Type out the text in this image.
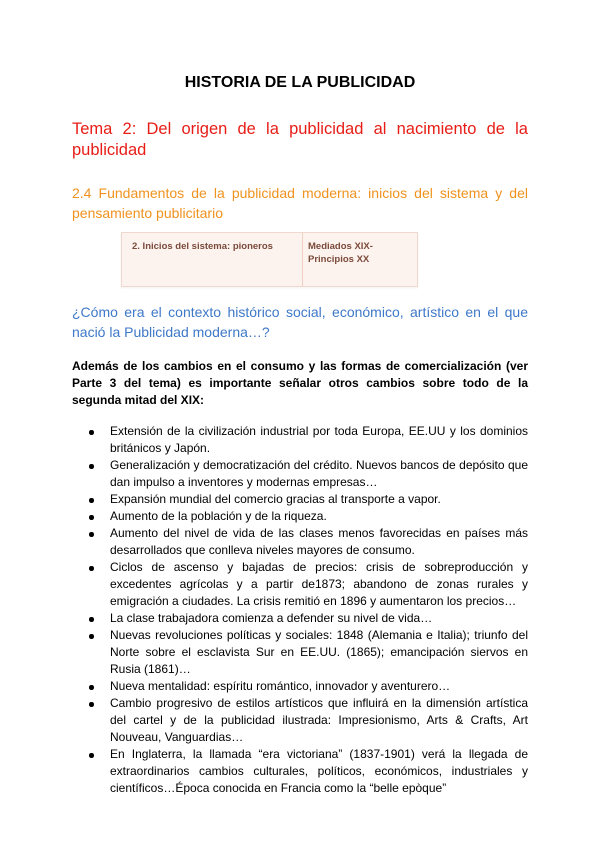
HISTORIA DE LA PUBLICIDAD
Tema 2: Del origen de la publicidad al nacimiento de la publicidad
2.4 Fundamentos de la publicidad moderna: inicios del sistema y del pensamiento publicitario
2. Inicios del sistema: pioneros	Mediados XIX-Principios XX
¿Cómo era el contexto histórico social, económico, artístico en el que nació la Publicidad moderna…?
Además de los cambios en el consumo y las formas de comercialización (ver Parte 3 del tema) es importante señalar otros cambios sobre todo de la segunda mitad del XIX:
Extensión de la civilización industrial por toda Europa, EE.UU y los dominios británicos y Japón.
Generalización y democratización del crédito. Nuevos bancos de depósito que dan impulso a inventores y modernas empresas…
Expansión mundial del comercio gracias al transporte a vapor.
Aumento de la población y de la riqueza.
Aumento del nivel de vida de las clases menos favorecidas en países más desarrollados que conlleva niveles mayores de consumo.
Ciclos de ascenso y bajadas de precios: crisis de sobreproducción y excedentes agrícolas y a partir de1873; abandono de zonas rurales y emigración a ciudades. La crisis remitió en 1896 y aumentaron los precios…
La clase trabajadora comienza a defender su nivel de vida…
Nuevas revoluciones políticas y sociales: 1848 (Alemania e Italia); triunfo del Norte sobre el esclavista Sur en EE.UU. (1865); emancipación siervos en Rusia (1861)…
Nueva mentalidad: espíritu romántico, innovador y aventurero…
Cambio progresivo de estilos artísticos que influirá en la dimensión artística del cartel y de la publicidad ilustrada: Impresionismo, Arts & Crafts, Art Nouveau, Vanguardias…
En Inglaterra, la llamada “era victoriana” (1837-1901) verá la llegada de extraordinarios cambios culturales, políticos, económicos, industriales y científicos…Época conocida en Francia como la “belle epòque”
